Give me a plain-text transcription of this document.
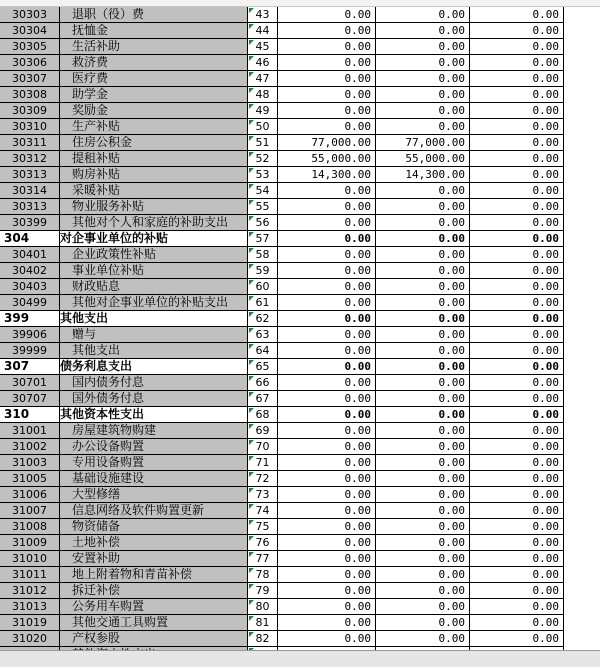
30303	退职（役）费	43	0.00	0.00	0.00
30304	抚恤金	44	0.00	0.00	0.00
30305	生活补助	45	0.00	0.00	0.00
30306	救济费	46	0.00	0.00	0.00
30307	医疗费	47	0.00	0.00	0.00
30308	助学金	48	0.00	0.00	0.00
30309	奖励金	49	0.00	0.00	0.00
30310	生产补贴	50	0.00	0.00	0.00
30311	住房公积金	51	77,000.00	77,000.00	0.00
30312	提租补贴	52	55,000.00	55,000.00	0.00
30313	购房补贴	53	14,300.00	14,300.00	0.00
30314	采暖补贴	54	0.00	0.00	0.00
30313	物业服务补贴	55	0.00	0.00	0.00
30399	其他对个人和家庭的补助支出	56	0.00	0.00	0.00
304	对企事业单位的补贴	57	0.00	0.00	0.00
30401	企业政策性补贴	58	0.00	0.00	0.00
30402	事业单位补贴	59	0.00	0.00	0.00
30403	财政贴息	60	0.00	0.00	0.00
30499	其他对企事业单位的补贴支出	61	0.00	0.00	0.00
399	其他支出	62	0.00	0.00	0.00
39906	赠与	63	0.00	0.00	0.00
39999	其他支出	64	0.00	0.00	0.00
307	债务利息支出	65	0.00	0.00	0.00
30701	国内债务付息	66	0.00	0.00	0.00
30707	国外债务付息	67	0.00	0.00	0.00
310	其他资本性支出	68	0.00	0.00	0.00
31001	房屋建筑物购建	69	0.00	0.00	0.00
31002	办公设备购置	70	0.00	0.00	0.00
31003	专用设备购置	71	0.00	0.00	0.00
31005	基础设施建设	72	0.00	0.00	0.00
31006	大型修缮	73	0.00	0.00	0.00
31007	信息网络及软件购置更新	74	0.00	0.00	0.00
31008	物资储备	75	0.00	0.00	0.00
31009	土地补偿	76	0.00	0.00	0.00
31010	安置补助	77	0.00	0.00	0.00
31011	地上附着物和青苗补偿	78	0.00	0.00	0.00
31012	拆迁补偿	79	0.00	0.00	0.00
31013	公务用车购置	80	0.00	0.00	0.00
31019	其他交通工具购置	81	0.00	0.00	0.00
31020	产权参股	82	0.00	0.00	0.00
